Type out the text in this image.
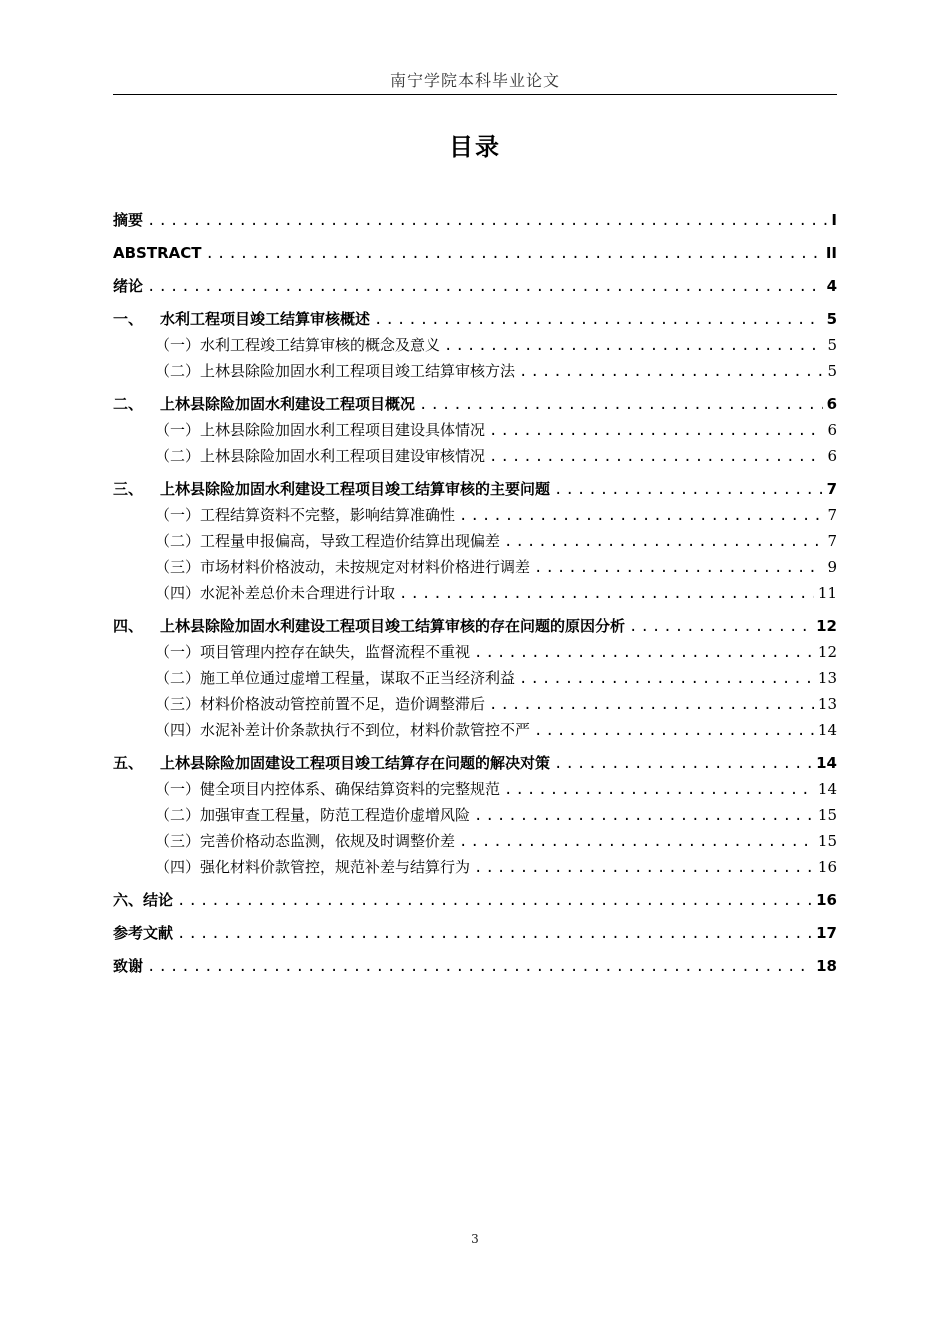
南宁学院本科毕业论文
目录
摘要 .....	I
ABSTRACT .....	II
绪论 .....	4
一、	水利工程项目竣工结算审核概述 .....	5
（一）水利工程竣工结算审核的概念及意义 .....	5
（二）上林县除险加固水利工程项目竣工结算审核方法 .....	5
二、	上林县除险加固水利建设工程项目概况 .....	6
（一）上林县除险加固水利工程项目建设具体情况 .....	6
（二）上林县除险加固水利工程项目建设审核情况 .....	6
三、	上林县除险加固水利建设工程项目竣工结算审核的主要问题 .....	7
（一）工程结算资料不完整，影响结算准确性 .....	7
（二）工程量申报偏高，导致工程造价结算出现偏差 .....	7
（三）市场材料价格波动，未按规定对材料价格进行调差 .....	9
（四）水泥补差总价未合理进行计取 .....	11
四、	上林县除险加固水利建设工程项目竣工结算审核的存在问题的原因分析 .....	12
（一）项目管理内控存在缺失，监督流程不重视 .....	12
（二）施工单位通过虚增工程量，谋取不正当经济利益 .....	13
（三）材料价格波动管控前置不足，造价调整滞后 .....	13
（四）水泥补差计价条款执行不到位，材料价款管控不严 .....	14
五、	上林县除险加固建设工程项目竣工结算存在问题的解决对策 .....	14
（一）健全项目内控体系、确保结算资料的完整规范 .....	14
（二）加强审查工程量，防范工程造价虚增风险 .....	15
（三）完善价格动态监测，依规及时调整价差 .....	15
（四）强化材料价款管控，规范补差与结算行为 .....	16
六、结论 .....	16
参考文献 .....	17
致谢 .....	18
3
